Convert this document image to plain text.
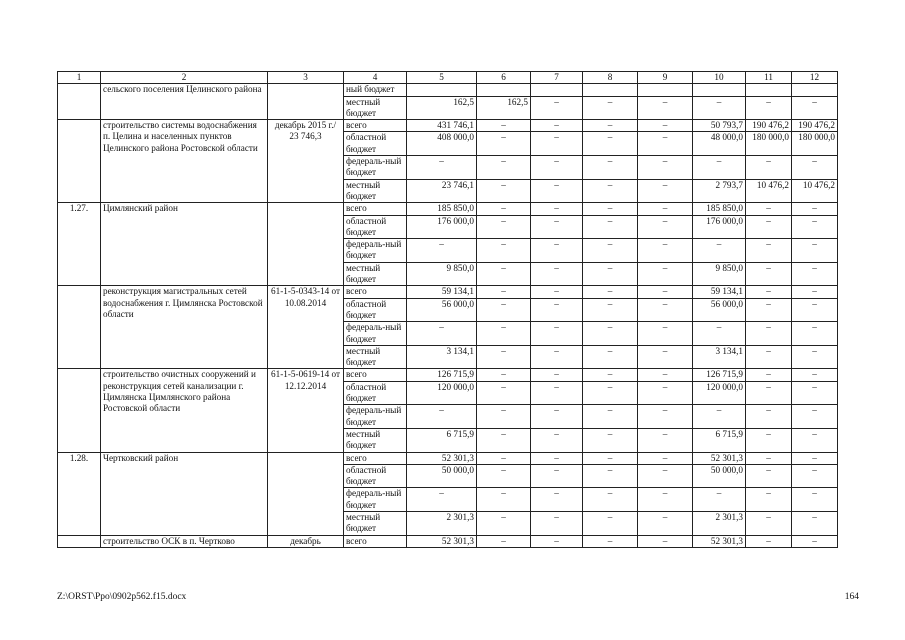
1	2	3	4	5	6	7	8	9	10	11	12
	сельского поселения Целинского района		ный бюджет								
			местный бюджет	162,5	162,5	–	–	–	–	–	–
	строительство системы водоснабжения п. Целина и населенных пунктов Целинского района Ростовской области	декабрь 2015 г./ 23 746,3	всего	431 746,1	–	–	–	–	50 793,7	190 476,2	190 476,2
			областной бюджет	408 000,0	–	–	–	–	48 000,0	180 000,0	180 000,0
			федераль-ный бюджет	–	–	–	–	–	–	–	–
			местный бюджет	23 746,1	–	–	–	–	2 793,7	10 476,2	10 476,2
1.27.	Цимлянский район		всего	185 850,0	–	–	–	–	185 850,0	–	–
			областной бюджет	176 000,0	–	–	–	–	176 000,0	–	–
			федераль-ный бюджет	–	–	–	–	–	–	–	–
			местный бюджет	9 850,0	–	–	–	–	9 850,0	–	–
	реконструкция магистральных сетей водоснабжения г. Цимлянска Ростовской области	61-1-5-0343-14 от 10.08.2014	всего	59 134,1	–	–	–	–	59 134,1	–	–
			областной бюджет	56 000,0	–	–	–	–	56 000,0	–	–
			федераль-ный бюджет	–	–	–	–	–	–	–	–
			местный бюджет	3 134,1	–	–	–	–	3 134,1	–	–
	строительство очистных сооружений и реконструкция сетей канализации г. Цимлянска Цимлянского района Ростовской области	61-1-5-0619-14 от 12.12.2014	всего	126 715,9	–	–	–	–	126 715,9	–	–
			областной бюджет	120 000,0	–	–	–	–	120 000,0	–	–
			федераль-ный бюджет	–	–	–	–	–	–	–	–
			местный бюджет	6 715,9	–	–	–	–	6 715,9	–	–
1.28.	Чертковский район		всего	52 301,3	–	–	–	–	52 301,3	–	–
			областной бюджет	50 000,0	–	–	–	–	50 000,0	–	–
			федераль-ный бюджет	–	–	–	–	–	–	–	–
			местный бюджет	2 301,3	–	–	–	–	2 301,3	–	–
	строительство ОСК в п. Чертково	декабрь	всего	52 301,3	–	–	–	–	52 301,3	–	–
Z:\ORST\Ppo\0902p562.f15.docx	164
